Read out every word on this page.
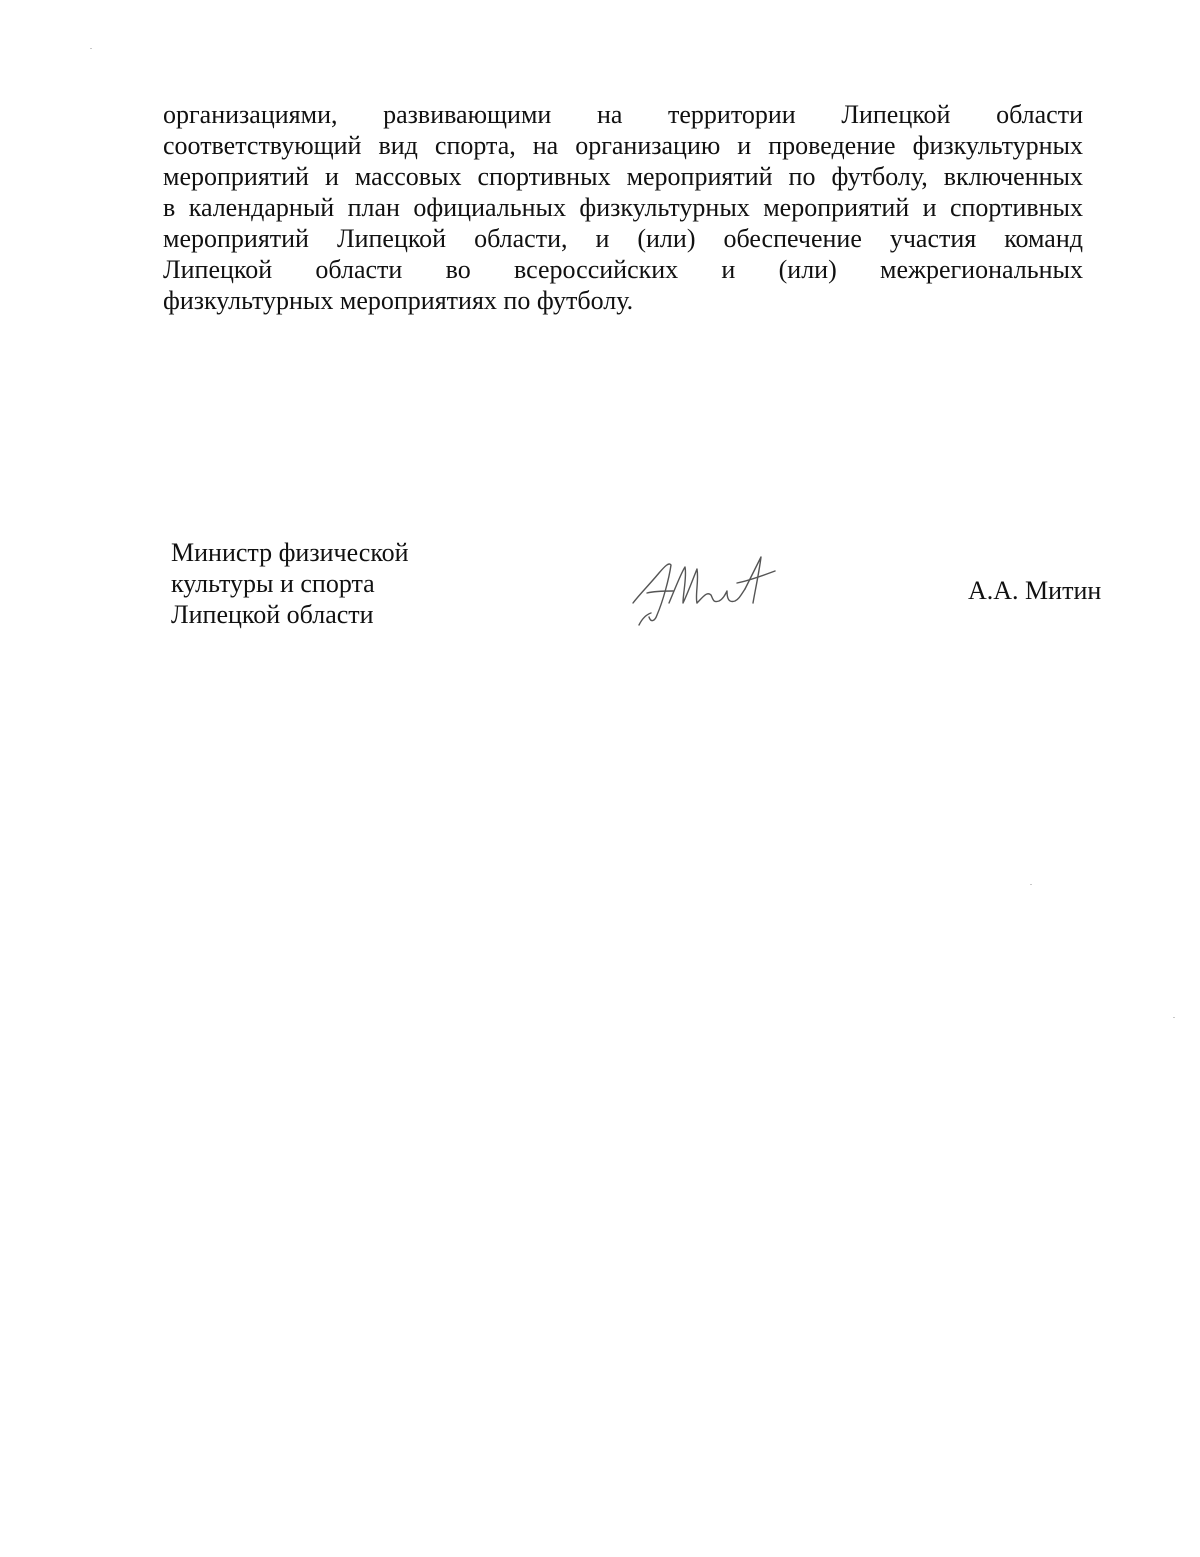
организациями, развивающими на территории Липецкой области
соответствующий вид спорта, на организацию и проведение физкультурных
мероприятий и массовых спортивных мероприятий по футболу, включенных
в календарный план официальных физкультурных мероприятий и спортивных
мероприятий Липецкой области, и (или) обеспечение участия команд
Липецкой области во всероссийских и (или) межрегиональных
физкультурных мероприятиях по футболу.
Министр физической
культуры и спорта
Липецкой области
А.А. Митин
